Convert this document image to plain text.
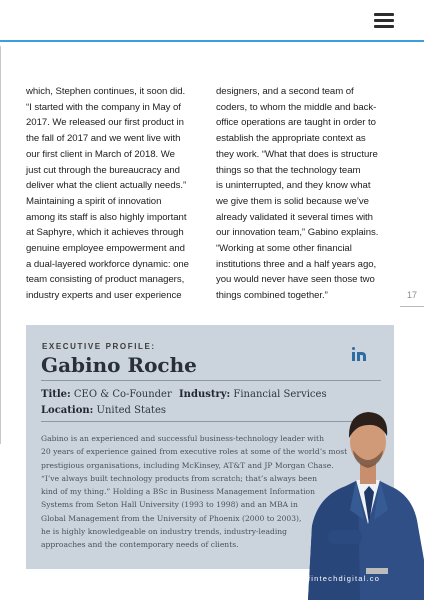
which, Stephen continues, it soon did.

“I started with the company in May of

2017. We released our first product in

the fall of 2017 and we went live with

our first client in March of 2018. We

just cut through the bureaucracy and

deliver what the client actually needs.”

Maintaining a spirit of innovation

among its staff is also highly important

at Saphyre, which it achieves through

genuine employee empowerment and

a dual-layered workforce dynamic: one

team consisting of product managers,

industry experts and user experience

designers, and a second team of

coders, to whom the middle and back-

office operations are taught in order to

establish the appropriate context as

they work. “What that does is structure

things so that the technology team

is uninterrupted, and they know what

we give them is solid because we’ve

already validated it several times with

our innovation team,” Gabino explains.

“Working at some other financial

institutions three and a half years ago,

you would never have seen those two

things combined together.”	17
EXECUTIVE PROFILE:
Gabino Roche
Title: CEO & Co-Founder Industry: Financial Services
Location: United States

Gabino is an experienced and successful business-technology leader with

20 years of experience gained from executive roles at some of the world’s most

prestigious organisations, including McKinsey, AT&T and JP Morgan Chase.

“I’ve always built technology products from scratch; that’s always been

kind of my thing.” Holding a BSc in Business Management Information

Systems from Seton Hall University (1993 to 1998) and an MBA in

Global Management from the University of Phoenix (2000 to 2003),

he is highly knowledgeable on industry trends, industry-leading

approaches and the contemporary needs of clients.

fintechdigital.co
